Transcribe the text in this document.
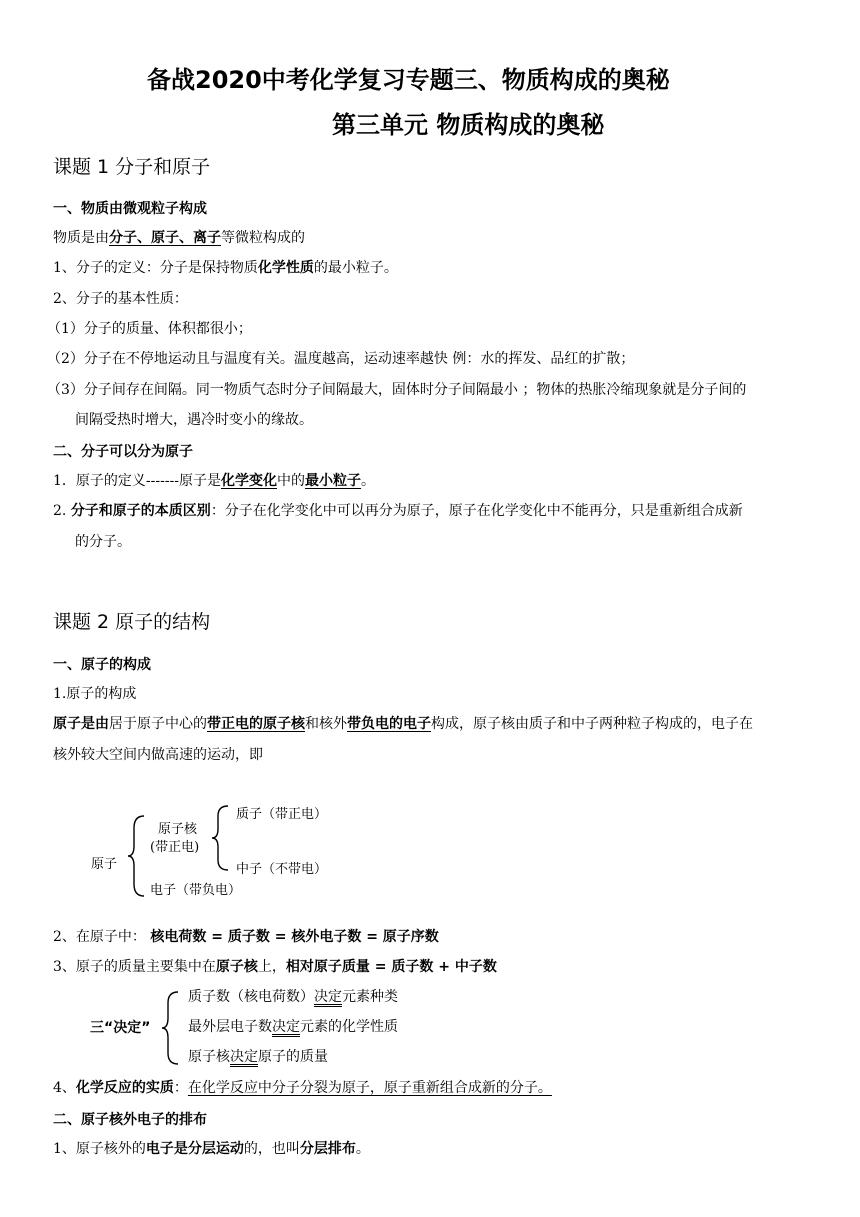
备战2020中考化学复习专题三、物质构成的奥秘
第三单元 物质构成的奥秘
课题 1 分子和原子
一、物质由微观粒子构成
物质是由分子、原子、离子等微粒构成的
1、分子的定义：分子是保持物质化学性质的最小粒子。
2、分子的基本性质：
（1）分子的质量、体积都很小；
（2）分子在不停地运动且与温度有关。温度越高，运动速率越快 例：水的挥发、品红的扩散；
（3）分子间存在间隔。同一物质气态时分子间隔最大，固体时分子间隔最小 ；物体的热胀冷缩现象就是分子间的
间隔受热时增大，遇冷时变小的缘故。
二、分子可以分为原子
1．原子的定义-------原子是化学变化中的最小粒子。
2. 分子和原子的本质区别：分子在化学变化中可以再分为原子，原子在化学变化中不能再分，只是重新组合成新
的分子。
课题 2 原子的结构
一、原子的构成
1.原子的构成
原子是由居于原子中心的带正电的原子核和核外带负电的电子构成，原子核由质子和中子两种粒子构成的，电子在
核外较大空间内做高速的运动，即
原子
原子核
(带正电)
质子（带正电）
中子（不带电）
电子（带负电）
2、在原子中： 核电荷数 = 质子数 = 核外电子数 = 原子序数
3、原子的质量主要集中在原子核上，相对原子质量 = 质子数 + 中子数
三“决定”
质子数（核电荷数）决定元素种类
最外层电子数决定元素的化学性质
原子核决定原子的质量
4、化学反应的实质：在化学反应中分子分裂为原子，原子重新组合成新的分子。
二、原子核外电子的排布
1、原子核外的电子是分层运动的，也叫分层排布。
